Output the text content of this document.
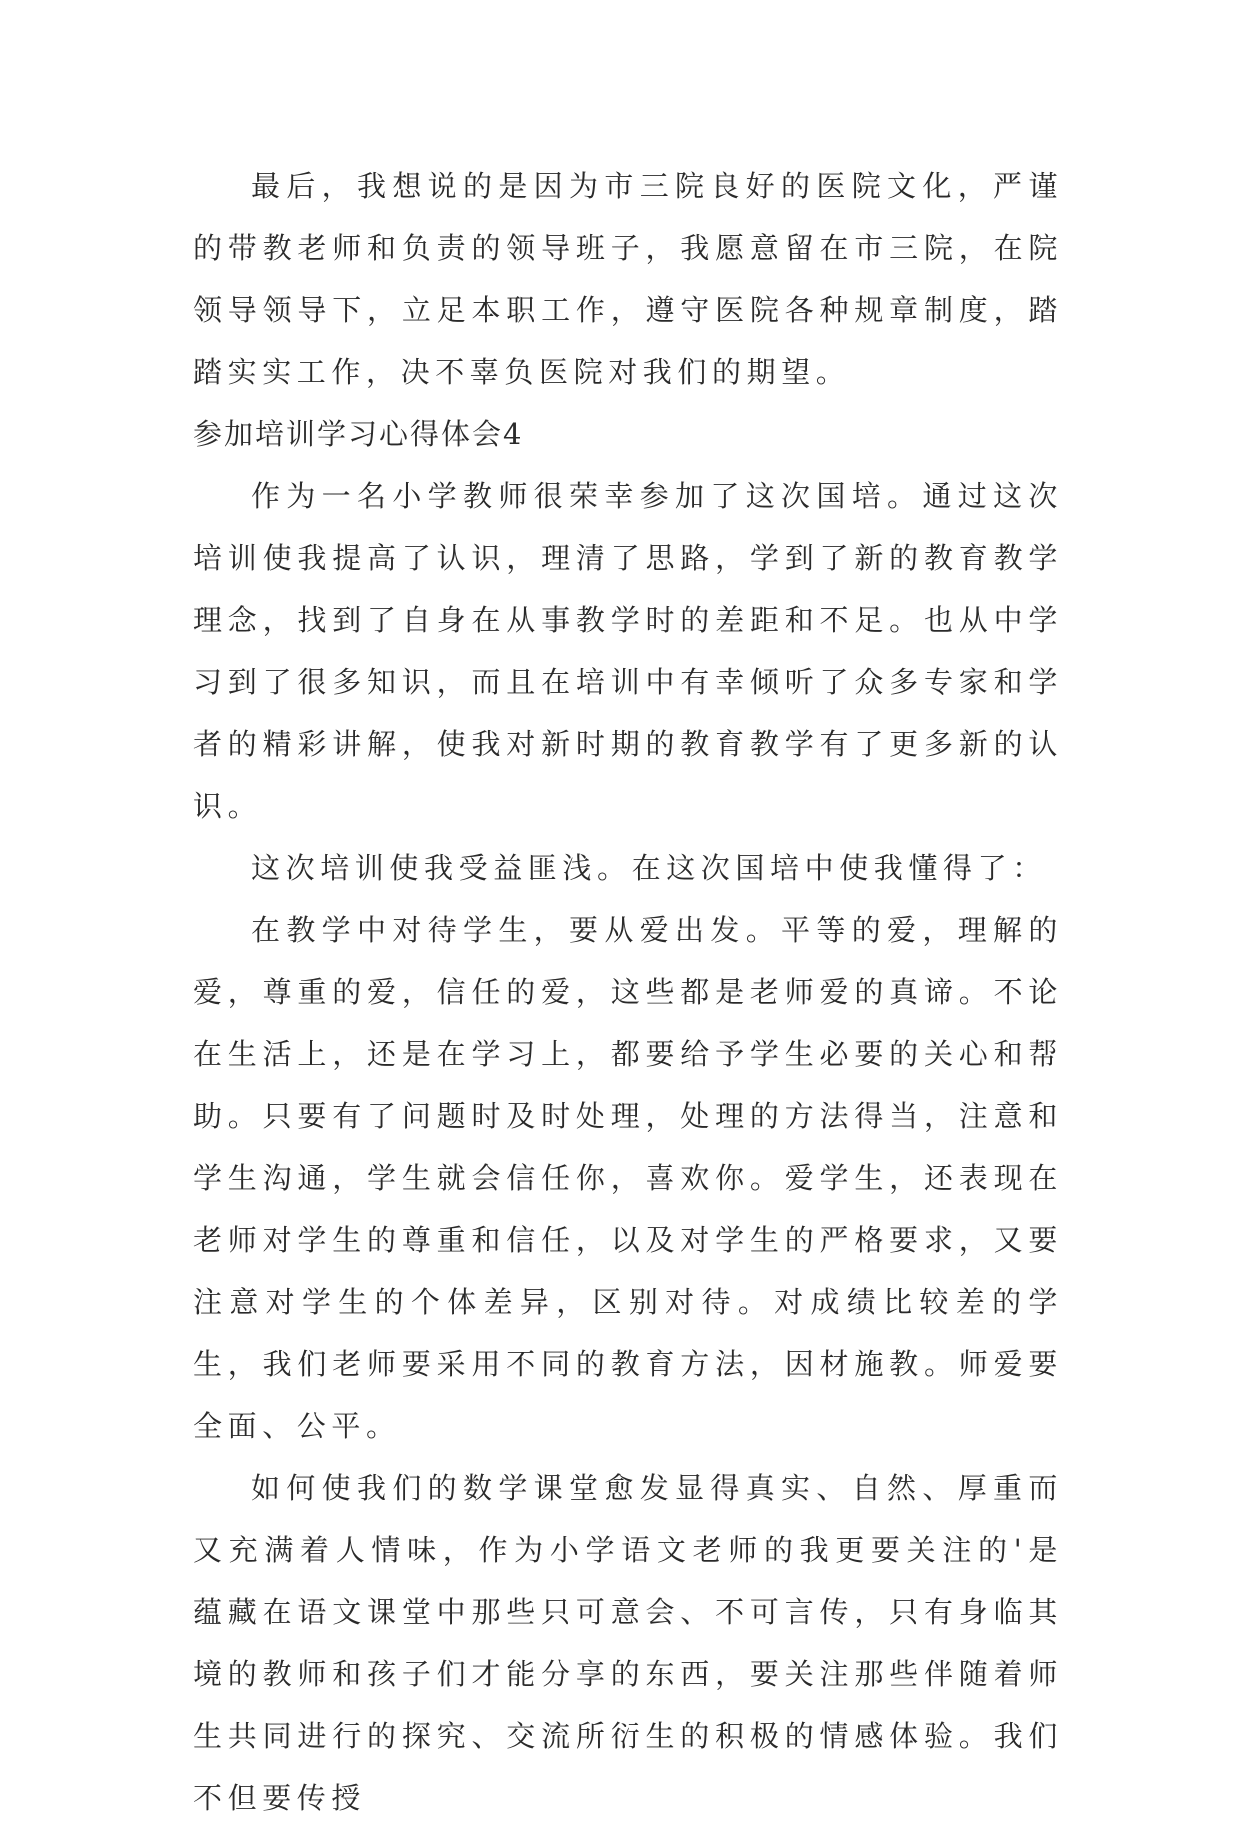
最后，我想说的是因为市三院良好的医院文化，严谨的带教老师和负责的领导班子，我愿意留在市三院，在院领导领导下，立足本职工作，遵守医院各种规章制度，踏踏实实工作，决不辜负医院对我们的期望。

参加培训学习心得体会4

作为一名小学教师很荣幸参加了这次国培。通过这次培训使我提高了认识，理清了思路，学到了新的教育教学理念，找到了自身在从事教学时的差距和不足。也从中学习到了很多知识，而且在培训中有幸倾听了众多专家和学者的精彩讲解，使我对新时期的教育教学有了更多新的认识。

这次培训使我受益匪浅。在这次国培中使我懂得了：

在教学中对待学生，要从爱出发。平等的爱，理解的爱，尊重的爱，信任的爱，这些都是老师爱的真谛。不论在生活上，还是在学习上，都要给予学生必要的关心和帮助。只要有了问题时及时处理，处理的方法得当，注意和学生沟通，学生就会信任你，喜欢你。爱学生，还表现在老师对学生的尊重和信任，以及对学生的严格要求，又要注意对学生的个体差异，区别对待。对成绩比较差的学生，我们老师要采用不同的教育方法，因材施教。师爱要全面、公平。

如何使我们的数学课堂愈发显得真实、自然、厚重而又充满着人情味，作为小学语文老师的我更要关注的'是蕴藏在语文课堂中那些只可意会、不可言传，只有身临其境的教师和孩子们才能分享的东西，要关注那些伴随着师生共同进行的探究、交流所衍生的积极的情感体验。我们不但要传授
